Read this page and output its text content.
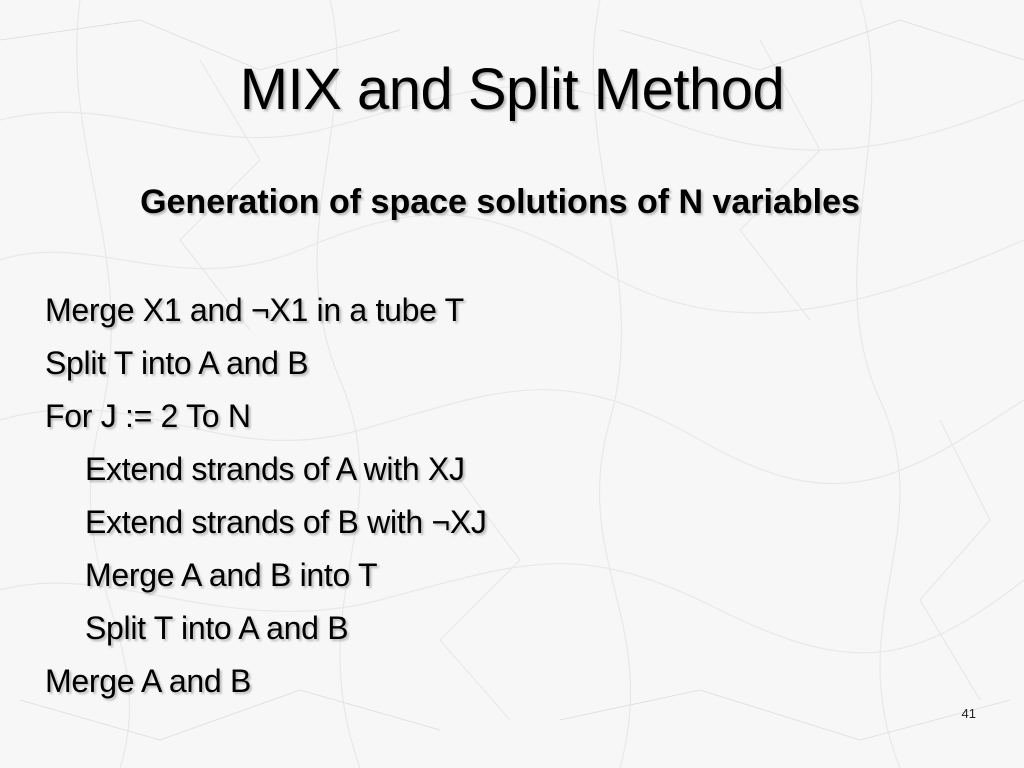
MIX and Split Method
Generation of space solutions of N variables
Merge X1 and ¬X1 in a tube T
Split T into A and B
For J := 2 To N
Extend strands of A with XJ
Extend strands of B with ¬XJ
Merge A and B into T
Split T into A and B
Merge A and B
41
